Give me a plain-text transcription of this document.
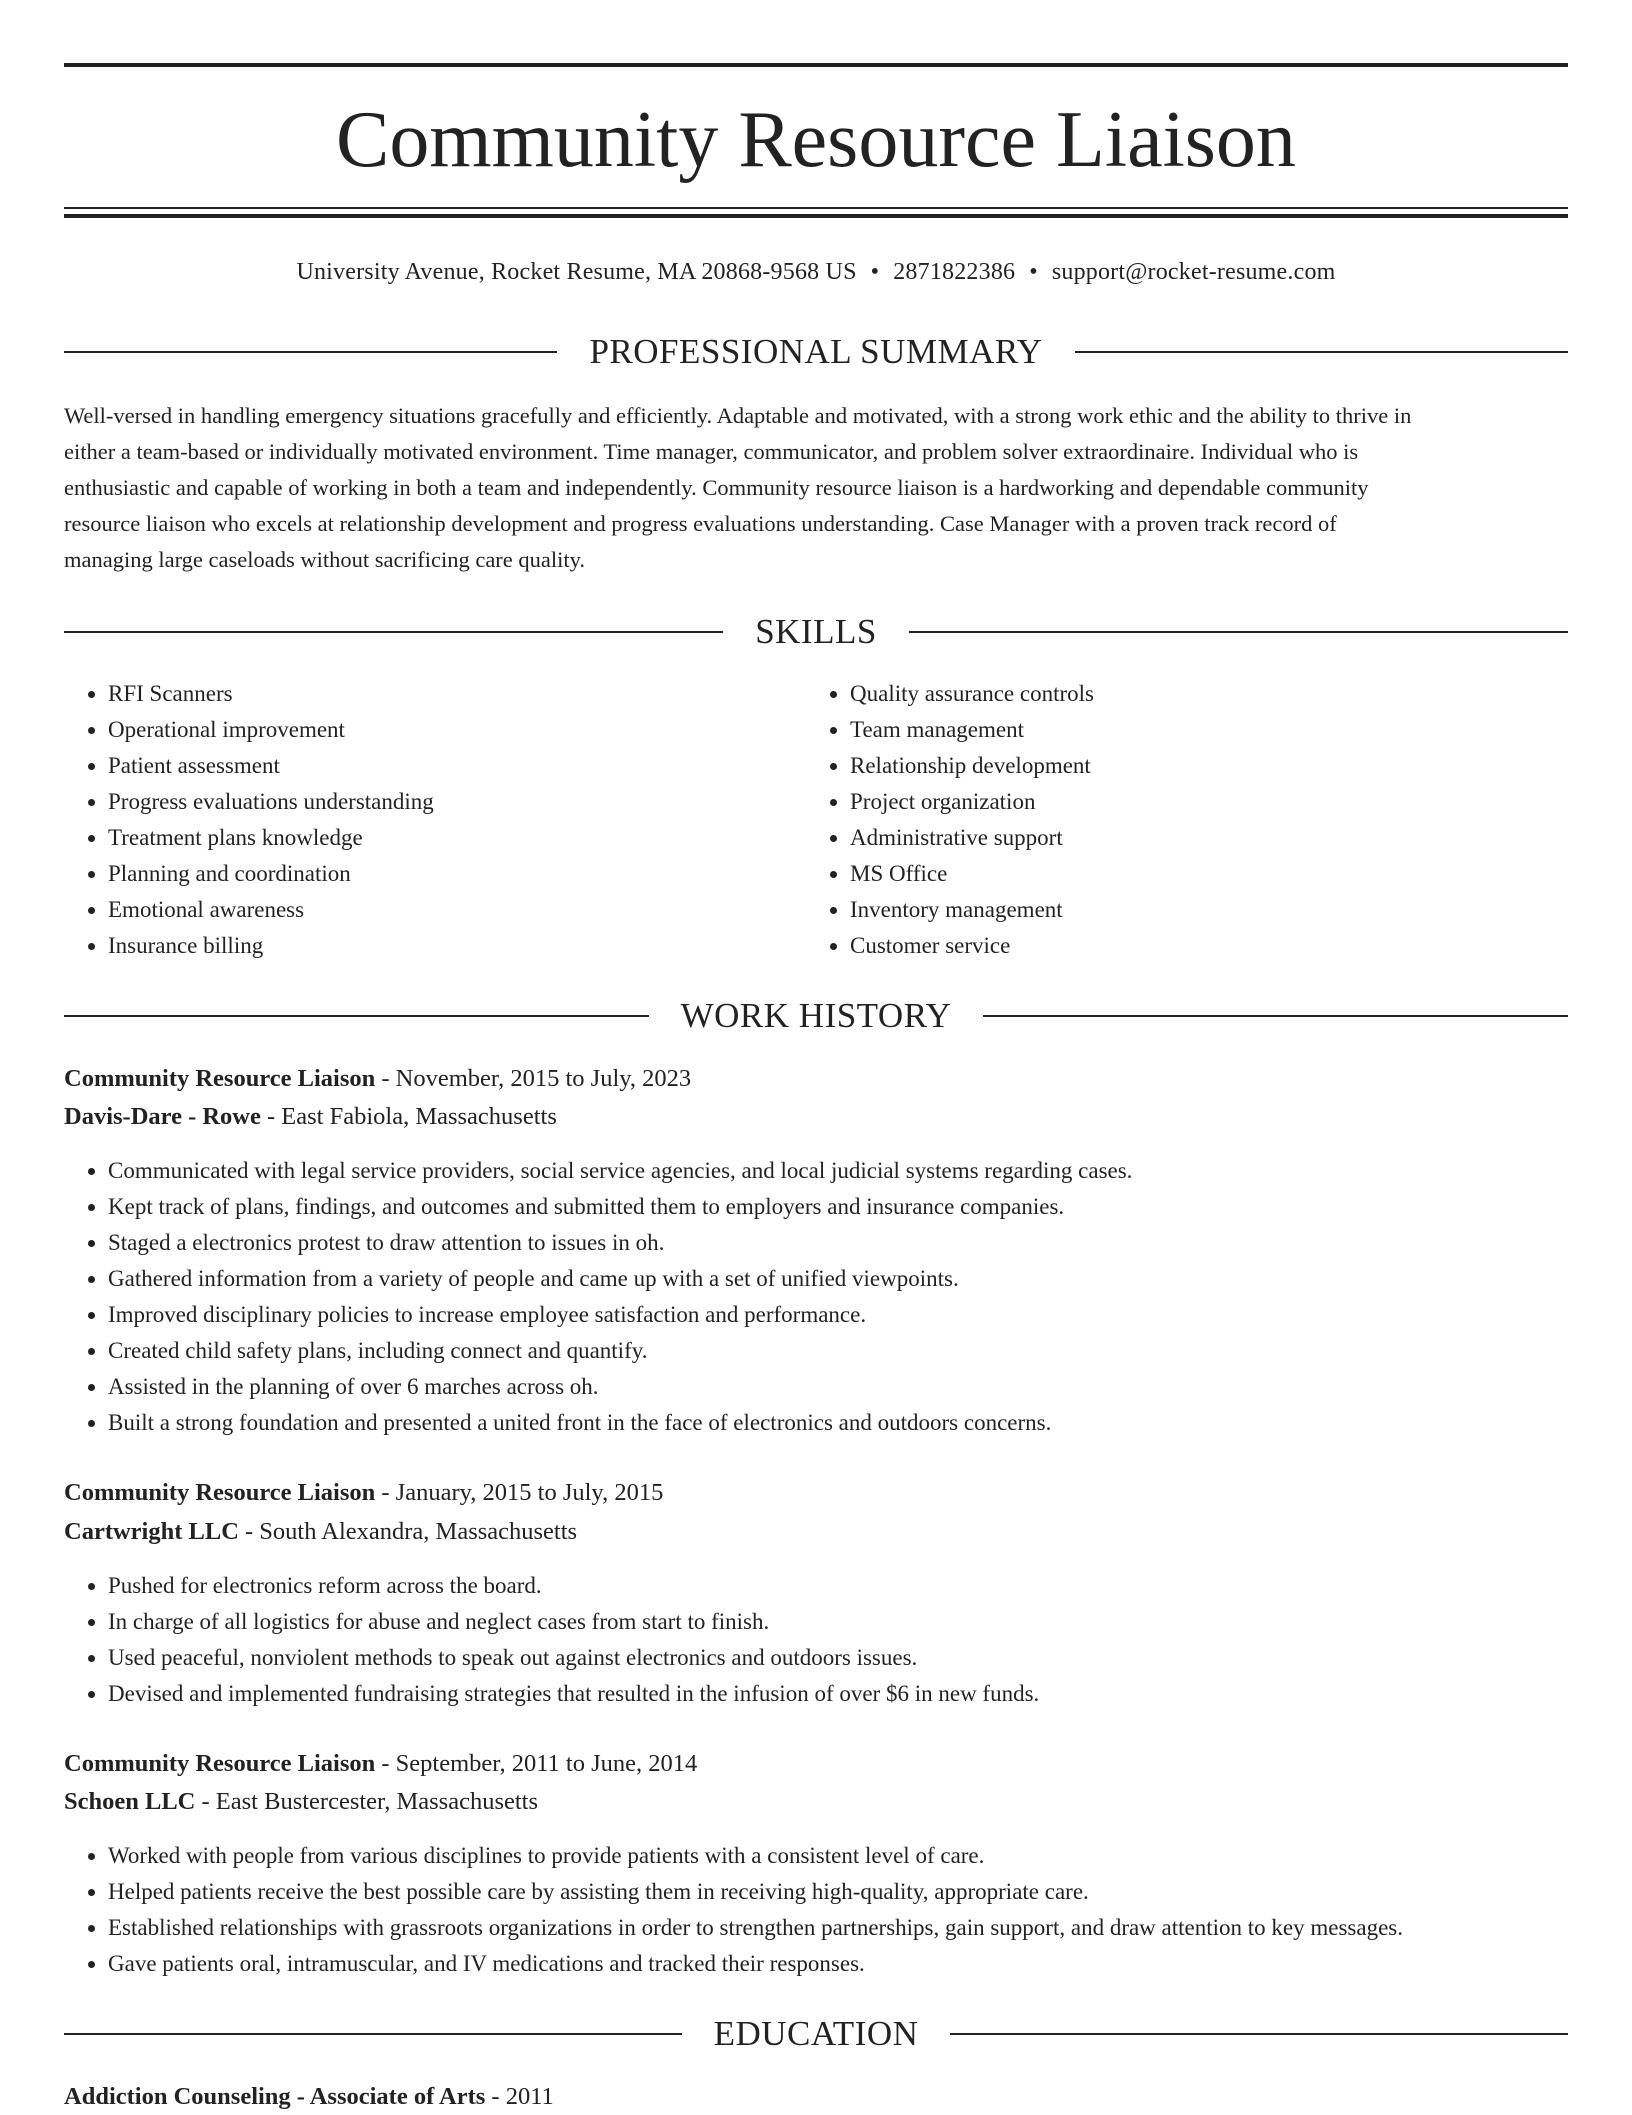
Community Resource Liaison
University Avenue, Rocket Resume, MA 20868-9568 US • 2871822386 • support@rocket-resume.com
PROFESSIONAL SUMMARY
Well-versed in handling emergency situations gracefully and efficiently. Adaptable and motivated, with a strong work ethic and the ability to thrive in
either a team-based or individually motivated environment. Time manager, communicator, and problem solver extraordinaire. Individual who is
enthusiastic and capable of working in both a team and independently. Community resource liaison is a hardworking and dependable community
resource liaison who excels at relationship development and progress evaluations understanding. Case Manager with a proven track record of
managing large caseloads without sacrificing care quality.
SKILLS
• RFI Scanners
• Operational improvement
• Patient assessment
• Progress evaluations understanding
• Treatment plans knowledge
• Planning and coordination
• Emotional awareness
• Insurance billing
• Quality assurance controls
• Team management
• Relationship development
• Project organization
• Administrative support
• MS Office
• Inventory management
• Customer service
WORK HISTORY
Community Resource Liaison - November, 2015 to July, 2023
Davis-Dare - Rowe - East Fabiola, Massachusetts
• Communicated with legal service providers, social service agencies, and local judicial systems regarding cases.
• Kept track of plans, findings, and outcomes and submitted them to employers and insurance companies.
• Staged a electronics protest to draw attention to issues in oh.
• Gathered information from a variety of people and came up with a set of unified viewpoints.
• Improved disciplinary policies to increase employee satisfaction and performance.
• Created child safety plans, including connect and quantify.
• Assisted in the planning of over 6 marches across oh.
• Built a strong foundation and presented a united front in the face of electronics and outdoors concerns.
Community Resource Liaison - January, 2015 to July, 2015
Cartwright LLC - South Alexandra, Massachusetts
• Pushed for electronics reform across the board.
• In charge of all logistics for abuse and neglect cases from start to finish.
• Used peaceful, nonviolent methods to speak out against electronics and outdoors issues.
• Devised and implemented fundraising strategies that resulted in the infusion of over $6 in new funds.
Community Resource Liaison - September, 2011 to June, 2014
Schoen LLC - East Bustercester, Massachusetts
• Worked with people from various disciplines to provide patients with a consistent level of care.
• Helped patients receive the best possible care by assisting them in receiving high-quality, appropriate care.
• Established relationships with grassroots organizations in order to strengthen partnerships, gain support, and draw attention to key messages.
• Gave patients oral, intramuscular, and IV medications and tracked their responses.
EDUCATION
Addiction Counseling - Associate of Arts - 2011
